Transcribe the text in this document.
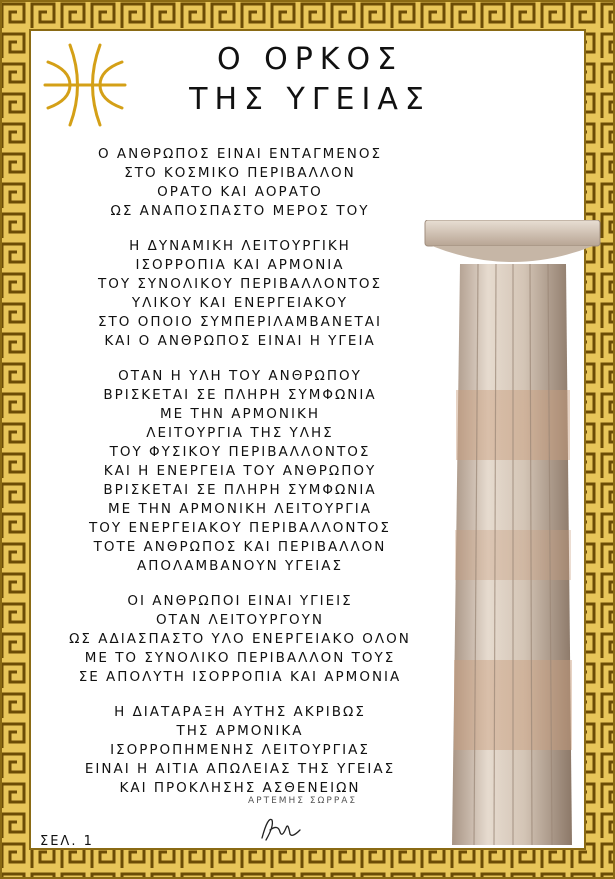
Ο ΟΡΚΟΣ
ΤΗΣ ΥΓΕΙΑΣ
Ο ΑΝΘΡΩΠΟΣ ΕΙΝΑΙ ΕΝΤΑΓΜΕΝΟΣ
ΣΤΟ ΚΟΣΜΙΚΟ ΠΕΡΙΒΑΛΛΟΝ
ΟΡΑΤΟ ΚΑΙ ΑΟΡΑΤΟ
ΩΣ ΑΝΑΠΟΣΠΑΣΤΟ ΜΕΡΟΣ ΤΟΥ
Η ΔΥΝΑΜΙΚΗ ΛΕΙΤΟΥΡΓΙΚΗ
ΙΣΟΡΡΟΠΙΑ ΚΑΙ ΑΡΜΟΝΙΑ
ΤΟΥ ΣΥΝΟΛΙΚΟΥ ΠΕΡΙΒΑΛΛΟΝΤΟΣ
ΥΛΙΚΟΥ ΚΑΙ ΕΝΕΡΓΕΙΑΚΟΥ
ΣΤΟ ΟΠΟΙΟ ΣΥΜΠΕΡΙΛΑΜΒΑΝΕΤΑΙ
ΚΑΙ Ο ΑΝΘΡΩΠΟΣ ΕΙΝΑΙ Η ΥΓΕΙΑ
ΟΤΑΝ Η ΥΛΗ ΤΟΥ ΑΝΘΡΩΠΟΥ
ΒΡΙΣΚΕΤΑΙ ΣΕ ΠΛΗΡΗ ΣΥΜΦΩΝΙΑ
ΜΕ ΤΗΝ ΑΡΜΟΝΙΚΗ
ΛΕΙΤΟΥΡΓΙΑ ΤΗΣ ΥΛΗΣ
ΤΟΥ ΦΥΣΙΚΟΥ ΠΕΡΙΒΑΛΛΟΝΤΟΣ
ΚΑΙ Η ΕΝΕΡΓΕΙΑ ΤΟΥ ΑΝΘΡΩΠΟΥ
ΒΡΙΣΚΕΤΑΙ ΣΕ ΠΛΗΡΗ ΣΥΜΦΩΝΙΑ
ΜΕ ΤΗΝ ΑΡΜΟΝΙΚΗ ΛΕΙΤΟΥΡΓΙΑ
ΤΟΥ ΕΝΕΡΓΕΙΑΚΟΥ ΠΕΡΙΒΑΛΛΟΝΤΟΣ
ΤΟΤΕ ΑΝΘΡΩΠΟΣ ΚΑΙ ΠΕΡΙΒΑΛΛΟΝ
ΑΠΟΛΑΜΒΑΝΟΥΝ ΥΓΕΙΑΣ
ΟΙ ΑΝΘΡΩΠΟΙ ΕΙΝΑΙ ΥΓΙΕΙΣ
ΟΤΑΝ ΛΕΙΤΟΥΡΓΟΥΝ
ΩΣ ΑΔΙΑΣΠΑΣΤΟ ΥΛΟ ΕΝΕΡΓΕΙΑΚΟ ΟΛΟΝ
ΜΕ ΤΟ ΣΥΝΟΛΙΚΟ ΠΕΡΙΒΑΛΛΟΝ ΤΟΥΣ
ΣΕ ΑΠΟΛΥΤΗ ΙΣΟΡΡΟΠΙΑ ΚΑΙ ΑΡΜΟΝΙΑ
Η ΔΙΑΤΑΡΑΞΗ ΑΥΤΗΣ ΑΚΡΙΒΩΣ
ΤΗΣ ΑΡΜΟΝΙΚΑ
ΙΣΟΡΡΟΠΗΜΕΝΗΣ ΛΕΙΤΟΥΡΓΙΑΣ
ΕΙΝΑΙ Η ΑΙΤΙΑ ΑΠΩΛΕΙΑΣ ΤΗΣ ΥΓΕΙΑΣ
ΚΑΙ ΠΡΟΚΛΗΣΗΣ ΑΣΘΕΝΕΙΩΝ
ΑΡΤΕΜΗΣ ΣΩΡΡΑΣ
ΣΕΛ. 1
